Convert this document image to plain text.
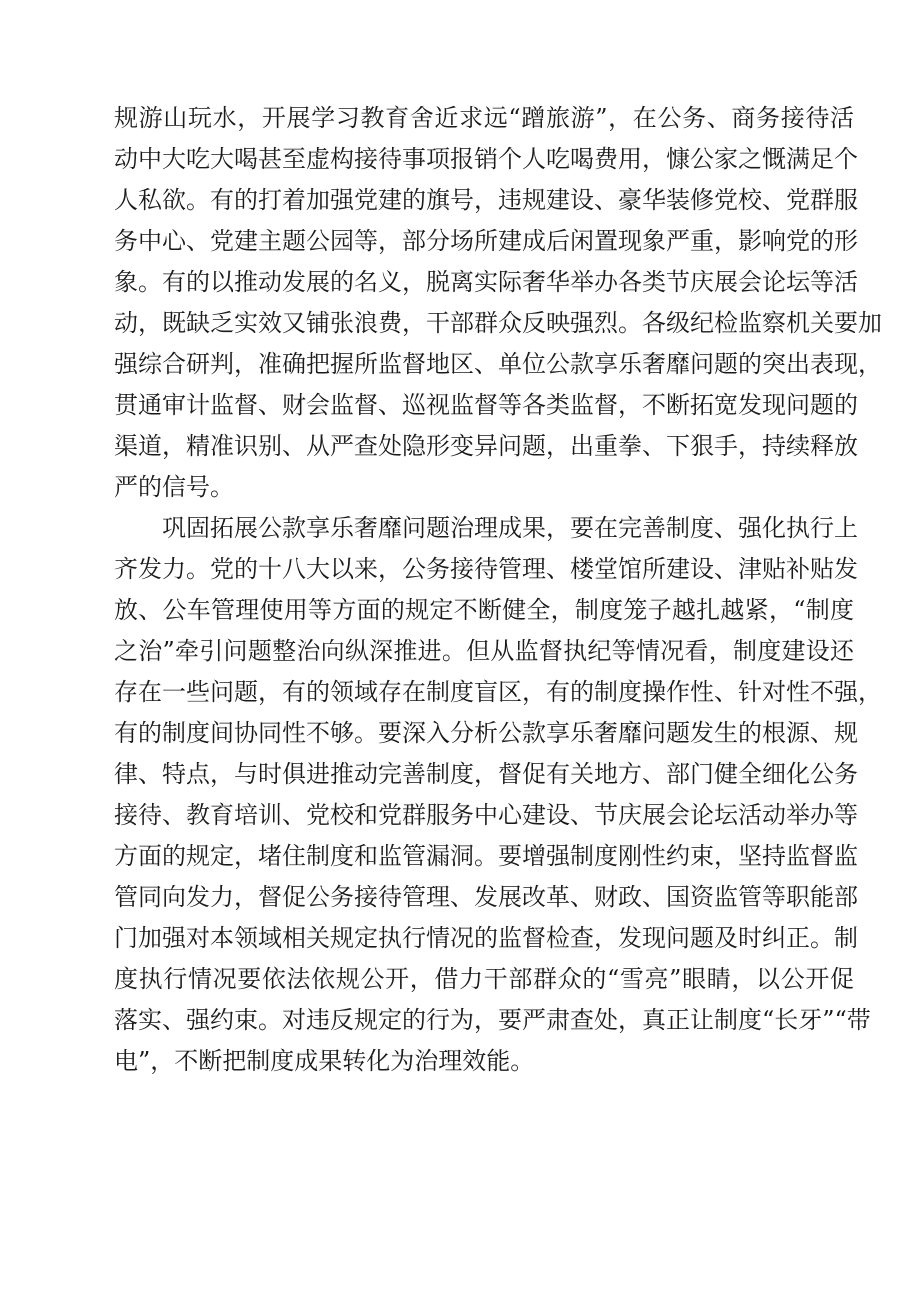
规游山玩水，开展学习教育舍近求远“蹭旅游”，在公务、商务接待活
动中大吃大喝甚至虚构接待事项报销个人吃喝费用，慷公家之慨满足个
人私欲。有的打着加强党建的旗号，违规建设、豪华装修党校、党群服
务中心、党建主题公园等，部分场所建成后闲置现象严重，影响党的形
象。有的以推动发展的名义，脱离实际奢华举办各类节庆展会论坛等活
动，既缺乏实效又铺张浪费，干部群众反映强烈。各级纪检监察机关要加
强综合研判，准确把握所监督地区、单位公款享乐奢靡问题的突出表现，
贯通审计监督、财会监督、巡视监督等各类监督，不断拓宽发现问题的
渠道，精准识别、从严查处隐形变异问题，出重拳、下狠手，持续释放
严的信号。
巩固拓展公款享乐奢靡问题治理成果，要在完善制度、强化执行上
齐发力。党的十八大以来，公务接待管理、楼堂馆所建设、津贴补贴发
放、公车管理使用等方面的规定不断健全，制度笼子越扎越紧，“制度
之治”牵引问题整治向纵深推进。但从监督执纪等情况看，制度建设还
存在一些问题，有的领域存在制度盲区，有的制度操作性、针对性不强，
有的制度间协同性不够。要深入分析公款享乐奢靡问题发生的根源、规
律、特点，与时俱进推动完善制度，督促有关地方、部门健全细化公务
接待、教育培训、党校和党群服务中心建设、节庆展会论坛活动举办等
方面的规定，堵住制度和监管漏洞。要增强制度刚性约束，坚持监督监
管同向发力，督促公务接待管理、发展改革、财政、国资监管等职能部
门加强对本领域相关规定执行情况的监督检查，发现问题及时纠正。制
度执行情况要依法依规公开，借力干部群众的“雪亮”眼睛，以公开促
落实、强约束。对违反规定的行为，要严肃查处，真正让制度“长牙”“带
电”，不断把制度成果转化为治理效能。
